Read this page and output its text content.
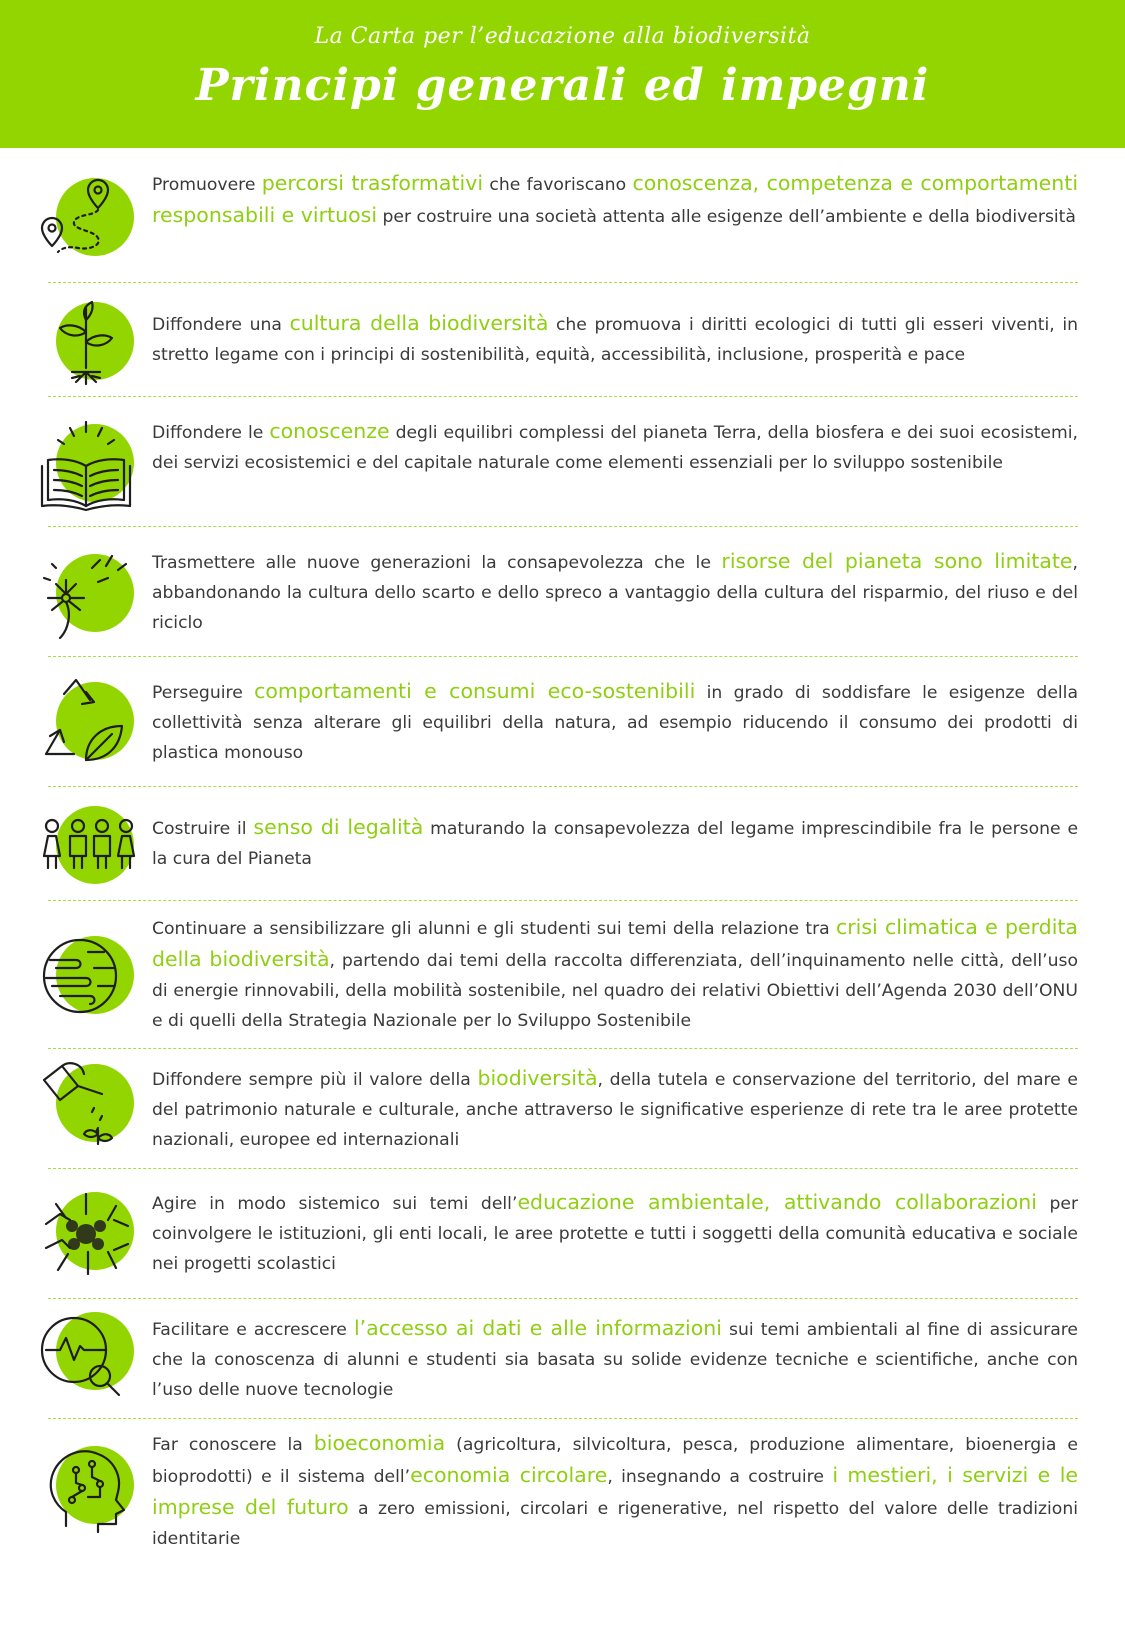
La Carta per l’educazione alla biodiversità
Principi generali ed impegni
Promuovere percorsi trasformativi che favoriscano conoscenza, competenza e comportamenti responsabili e virtuosi per costruire una società attenta alle esigenze dell’ambiente e della biodiversità
Diffondere una cultura della biodiversità che promuova i diritti ecologici di tutti gli esseri viventi, in stretto legame con i principi di sostenibilità, equità, accessibilità, inclusione, prosperità e pace
Diffondere le conoscenze degli equilibri complessi del pianeta Terra, della biosfera e dei suoi ecosistemi, dei servizi ecosistemici e del capitale naturale come elementi essenziali per lo sviluppo sostenibile
Trasmettere alle nuove generazioni la consapevolezza che le risorse del pianeta sono limitate, abbandonando la cultura dello scarto e dello spreco a vantaggio della cultura del risparmio, del riuso e del riciclo
Perseguire comportamenti e consumi eco-sostenibili in grado di soddisfare le esigenze della collettività senza alterare gli equilibri della natura, ad esempio riducendo il consumo dei prodotti di plastica monouso
Costruire il senso di legalità maturando la consapevolezza del legame imprescindibile fra le persone e la cura del Pianeta
Continuare a sensibilizzare gli alunni e gli studenti sui temi della relazione tra crisi climatica e perdita della biodiversità, partendo dai temi della raccolta differenziata, dell’inquinamento nelle città, dell’uso di energie rinnovabili, della mobilità sostenibile, nel quadro dei relativi Obiettivi dell’Agenda 2030 dell’ONU e di quelli della Strategia Nazionale per lo Sviluppo Sostenibile
Diffondere sempre più il valore della biodiversità, della tutela e conservazione del territorio, del mare e del patrimonio naturale e culturale, anche attraverso le significative esperienze di rete tra le aree protette nazionali, europee ed internazionali
Agire in modo sistemico sui temi dell’educazione ambientale, attivando collaborazioni per coinvolgere le istituzioni, gli enti locali, le aree protette e tutti i soggetti della comunità educativa e sociale nei progetti scolastici
Facilitare e accrescere l’accesso ai dati e alle informazioni sui temi ambientali al fine di assicurare che la conoscenza di alunni e studenti sia basata su solide evidenze tecniche e scientifiche, anche con l’uso delle nuove tecnologie
Far conoscere la bioeconomia (agricoltura, silvicoltura, pesca, produzione alimentare, bioenergia e bioprodotti) e il sistema dell’economia circolare, insegnando a costruire i mestieri, i servizi e le imprese del futuro a zero emissioni, circolari e rigenerative, nel rispetto del valore delle tradizioni identitarie
